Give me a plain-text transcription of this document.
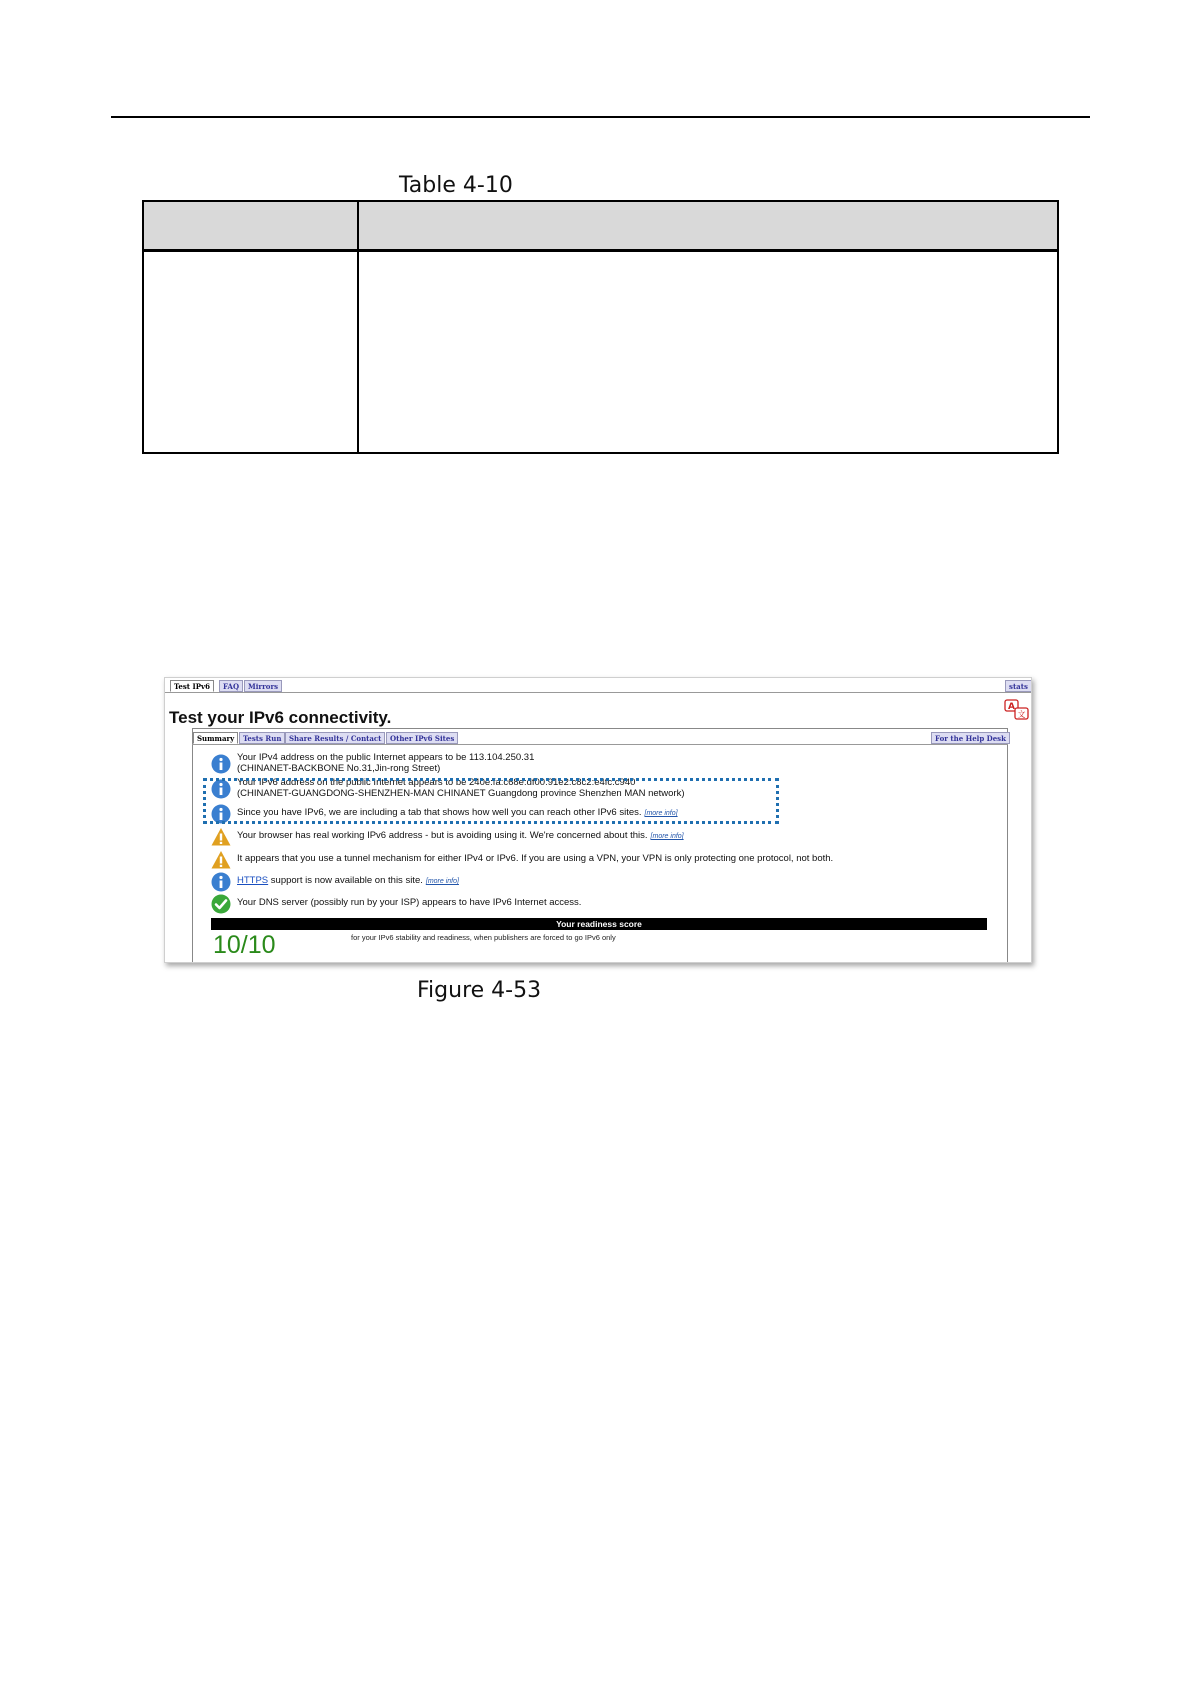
Table 4-10
Test IPv6	FAQ	Mirrors	stats
Test your IPv6 connectivity.
A
文
Summary	Tests Run	Share Results / Contact	Other IPv6 Sites	For the Help Desk
Your IPv4 address on the public Internet appears to be 113.104.250.31
(CHINANET-BACKBONE No.31,Jin-rong Street)
Your IPv6 address on the public Internet appears to be 240e:fa:c68e:df00:91e2:c8c2:e4fc:c940
(CHINANET-GUANGDONG-SHENZHEN-MAN CHINANET Guangdong province Shenzhen MAN network)
Since you have IPv6, we are including a tab that shows how well you can reach other IPv6 sites. [more info]
Your browser has real working IPv6 address - but is avoiding using it. We're concerned about this. [more info]
It appears that you use a tunnel mechanism for either IPv4 or IPv6. If you are using a VPN, your VPN is only protecting one protocol, not both.
HTTPS support is now available on this site. [more info]
Your DNS server (possibly run by your ISP) appears to have IPv6 Internet access.
Your readiness score
10/10	for your IPv6 stability and readiness, when publishers are forced to go IPv6 only
Figure 4-53
